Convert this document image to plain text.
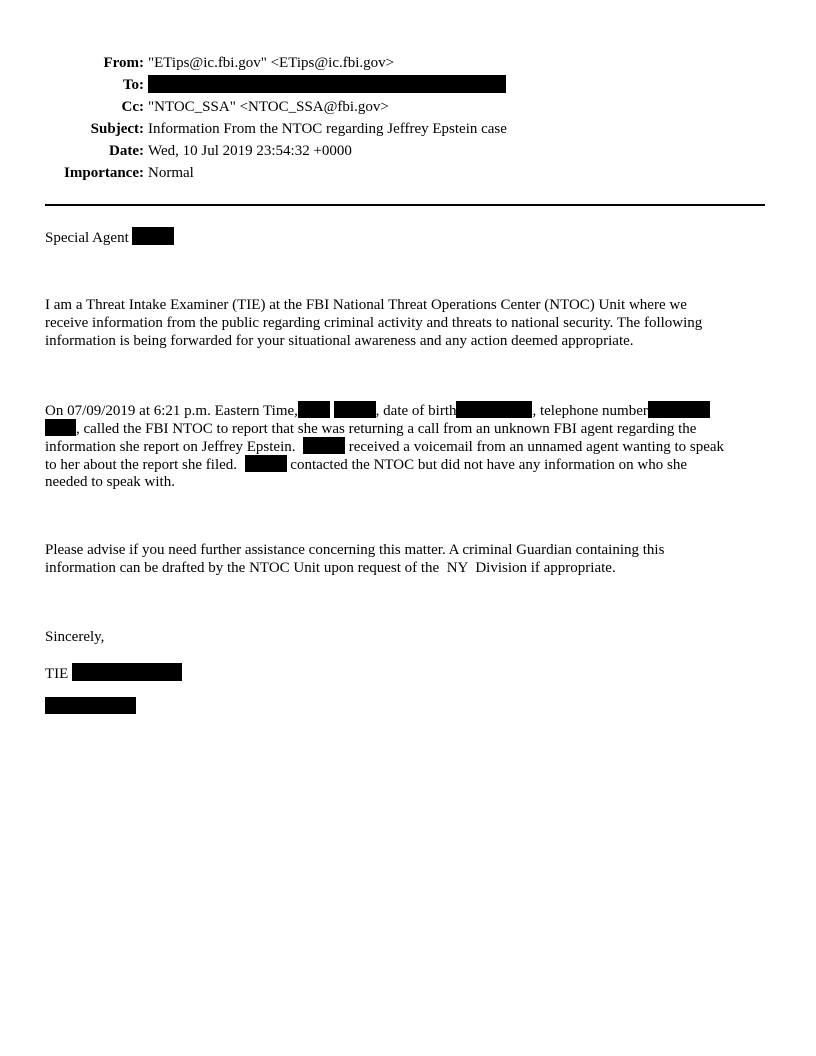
From: "ETips@ic.fbi.gov" <ETips@ic.fbi.gov>
To:
Cc: "NTOC_SSA" <NTOC_SSA@fbi.gov>
Subject: Information From the NTOC regarding Jeffrey Epstein case
Date: Wed, 10 Jul 2019 23:54:32 +0000
Importance: Normal
Special Agent
I am a Threat Intake Examiner (TIE) at the FBI National Threat Operations Center (NTOC) Unit where we
receive information from the public regarding criminal activity and threats to national security. The following
information is being forwarded for your situational awareness and any action deemed appropriate.
On 07/09/2019 at 6:21 p.m. Eastern Time,	, date of birth	, telephone number
, called the FBI NTOC to report that she was returning a call from an unknown FBI agent regarding the
information she report on Jeffrey Epstein.	received a voicemail from an unnamed agent wanting to speak
to her about the report she filed.	contacted the NTOC but did not have any information on who she
needed to speak with.
Please advise if you need further assistance concerning this matter. A criminal Guardian containing this
information can be drafted by the NTOC Unit upon request of the  NY  Division if appropriate.
Sincerely,
TIE
